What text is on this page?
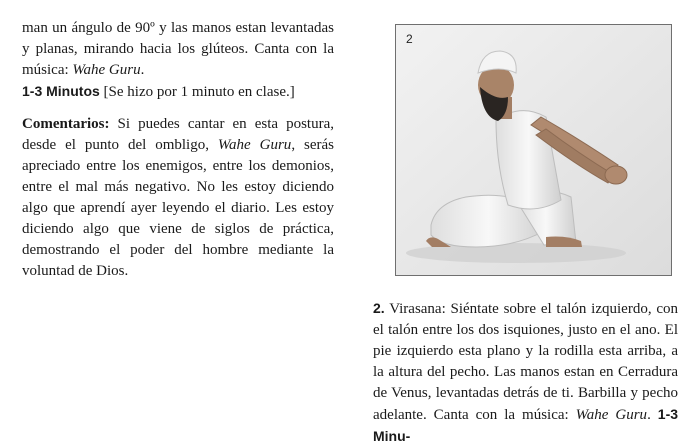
man un ángulo de 90º y las manos estan levantadas y planas, mirando hacia los glúteos. Canta con la música: Wahe Guru.

1-3 Minutos [Se hizo por 1 minuto en clase.]

Comentarios: Si puedes cantar en esta postura, desde el punto del ombligo, Wahe Guru, serás apreciado entre los enemigos, entre los demonios, entre el mal más negativo. No les estoy diciendo algo que aprendí ayer leyendo el diario. Les estoy diciendo algo que viene de siglos de práctica, demostrando el poder del hombre mediante la voluntad de Dios.

2

2. Virasana: Siéntate sobre el talón izquierdo, con el talón entre los dos isquiones, justo en el ano. El pie izquierdo esta plano y la rodilla esta arriba, a la altura del pecho. Las manos estan en Cerradura de Venus, levantadas detrás de ti. Barbilla y pecho adelante. Canta con la música: Wahe Guru. 1-3 Minu-
